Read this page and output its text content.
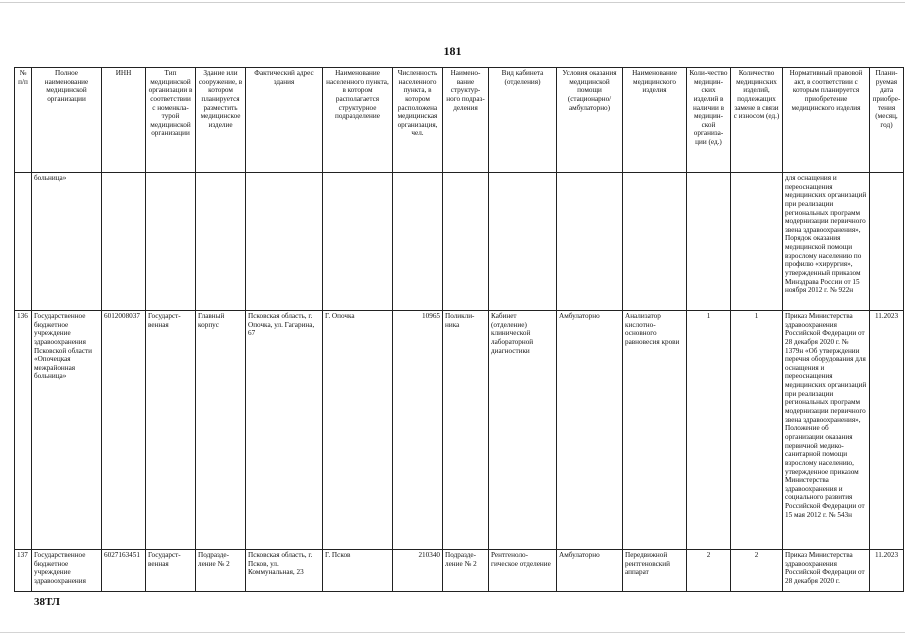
181
№ п/п	Полное наименование медицинской организации	ИНН	Тип медицинской организации в соответствии с номенкла-турой медицинской организации	Здание или сооружение, в котором планируется разместить медицинское изделие	Фактический адрес здания	Наименование населенного пункта, в котором располагается структурное подразделение	Численность населенного пункта, в котором расположена медицинская организация, чел.	Наимено-вание структур-ного подраз-деления	Вид кабинета (отделения)	Условия оказания медицинской помощи (стационарно/амбулаторно)	Наименование медицинского изделия	Коли-чество медицин-ских изделий в наличии в медицин-ской организа-ции (ед.)	Количество медицинских изделий, подлежащих замене в связи с износом (ед.)	Нормативный правовой акт, в соответствии с которым планируется приобретение медицинского изделия	Плани-руемая дата приобре-тения (месяц, год)
	больница»													для оснащения и переоснащения медицинских организаций при реализации региональных программ модернизации первичного звена здравоохранения», Порядок оказания медицинской помощи взрослому населению по профилю «хирургия», утвержденный приказом Минздрава России от 15 ноября 2012 г. № 922н	
136	Государственное бюджетное учреждение здравоохранения Псковской области «Опочецкая межрайонная больница»	6012008037	Государст-венная	Главный корпус	Псковская область, г. Опочка, ул. Гагарина, 67	Г. Опочка	10965	Поликли-ника	Кабинет (отделение) клинической лабораторной диагностики	Амбулаторно	Анализатор кислотно-основного равновесия крови	1	1	Приказ Министерства здравоохранения Российской Федерации от 28 декабря 2020 г. № 1379н «Об утверждении перечня оборудования для оснащения и переоснащения медицинских организаций при реализации региональных программ модернизации первичного звена здравоохранения», Положение об организации оказания первичной медико-санитарной помощи взрослому населению, утвержденное приказом Министерства здравоохранения и социального развития Российской Федерации от 15 мая 2012 г. № 543н	11.2023
137	Государственное бюджетное учреждение здравоохранения	6027163451	Государст-венная	Подразде-ление № 2	Псковская область, г. Псков, ул. Коммунальная, 23	Г. Псков	210340	Подразде-ление № 2	Рентгеноло-гическое отделение	Амбулаторно	Передвижной рентгеновский аппарат	2	2	Приказ Министерства здравоохранения Российской Федерации от 28 декабря 2020 г.	11.2023
38ТЛ
